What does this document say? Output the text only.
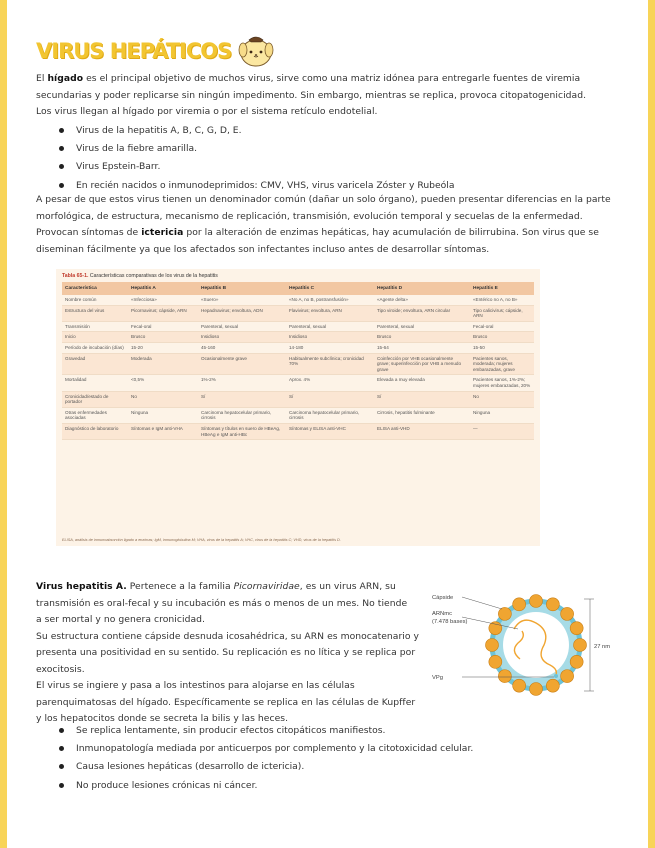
VIRUS HEPÁTICOS
El hígado es el principal objetivo de muchos virus, sirve como una matriz idónea para entregarle fuentes de viremia
secundarias y poder replicarse sin ningún impedimento. Sin embargo, mientras se replica, provoca citopatogenicidad.
Los virus llegan al hígado por viremia o por el sistema retículo endotelial.
Virus de la hepatitis A, B, C, G, D, E.
Virus de la fiebre amarilla.
Virus Epstein-Barr.
En recién nacidos o inmunodeprimidos: CMV, VHS, virus varicela Zóster y Rubeóla
A pesar de que estos virus tienen un denominador común (dañar un solo órgano), pueden presentar diferencias en la parte
morfológica, de estructura, mecanismo de replicación, transmisión, evolución temporal y secuelas de la enfermedad.
Provocan síntomas de ictericia por la alteración de enzimas hepáticas, hay acumulación de bilirrubina. Son virus que se
diseminan fácilmente ya que los afectados son infectantes incluso antes de desarrollar síntomas.
Tabla 65-1. Características comparativas de los virus de la hepatitis
Característica	Hepatitis A	Hepatitis B	Hepatitis C	Hepatitis D	Hepatitis E
Nombre común	«Infecciosa»	«Suero»	«No A, no B, postransfusión»	«Agente delta»	«Entérico no A, no B»
Estructura del virus	Picornavirus; cápside, ARN	Hepadnavirus; envoltura, ADN	Flavivirus; envoltura, ARN	Tipo viroide; envoltura, ARN circular	Tipo calicivirus; cápside, ARN
Transmisión	Fecal-oral	Parenteral, sexual	Parenteral, sexual	Parenteral, sexual	Fecal-oral
Inicio	Brusco	Insidioso	Insidioso	Brusco	Brusco
Período de incubación (días)	15-20	45-160	14-180	15-64	15-50
Gravedad	Moderada	Ocasionalmente grave	Habitualmente subclínica; cronicidad 70%	Coinfección por VHB ocasionalmente grave; superinfección por VHB a menudo grave	Pacientes sanos, moderada; mujeres embarazadas, grave
Mortalidad	<0,5%	1%-2%	Aprox. 4%	Elevada a muy elevada	Pacientes sanos, 1%-2%; mujeres embarazadas, 20%
Cronicidad/estado de portador	No	Sí	Sí	Sí	No
Otras enfermedades asociadas	Ninguna	Carcinoma hepatocelular primario, cirrosis	Carcinoma hepatocelular primario, cirrosis	Cirrosis, hepatitis fulminante	Ninguna
Diagnóstico de laboratorio	Síntomas e IgM anti-VHA	Síntomas y títulos en suero de HBeAg, HBeAg e IgM anti-HBc	Síntomas y ELISA anti-VHC	ELISA anti-VHD	—
ELISA, análisis de inmunoabsorción ligado a enzimas; IgM, inmunoglobulina M; VHA, virus de la hepatitis A; VHC, virus de la hepatitis C; VHD, virus de la hepatitis D.
Virus hepatitis A. Pertenece a la familia Picornaviridae, es un virus ARN, su
transmisión es oral-fecal y su incubación es más o menos de un mes. No tiende
a ser mortal y no genera cronicidad.
Su estructura contiene cápside desnuda icosahédrica, su ARN es monocatenario y
presenta una positividad en su sentido. Su replicación es no lítica y se replica por
exocitosis.
El virus se ingiere y pasa a los intestinos para alojarse en las células
parenquimatosas del hígado. Específicamente se replica en las células de Kupffer
y los hepatocitos donde se secreta la bilis y las heces.
Se replica lentamente, sin producir efectos citopáticos manifiestos.
Inmunopatología mediada por anticuerpos por complemento y la citotoxicidad celular.
Causa lesiones hepáticas (desarrollo de ictericia).
No produce lesiones crónicas ni cáncer.
Cápside
ARNmc
(7.478 bases)
VPg
27 nm
